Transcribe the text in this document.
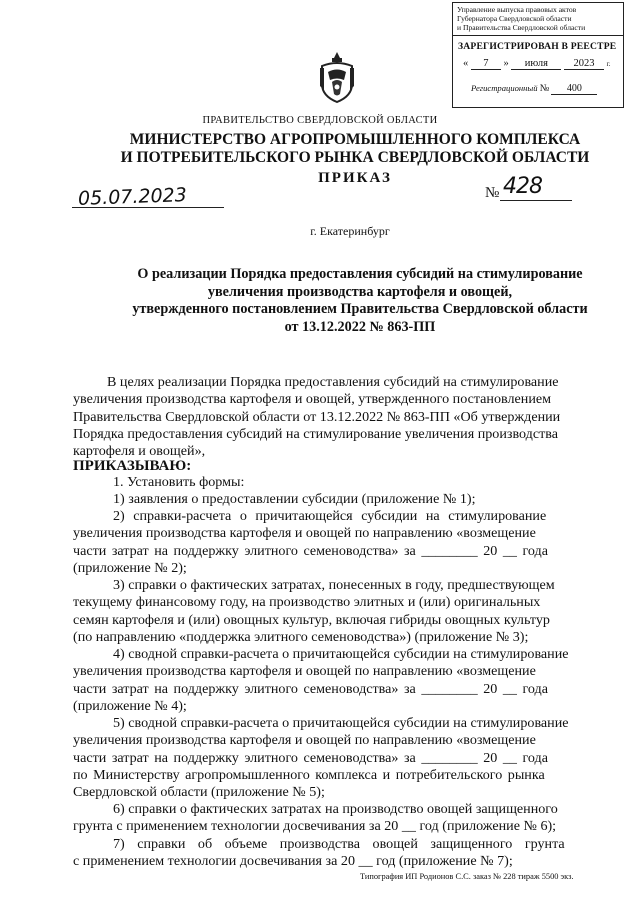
Управление выпуска правовых актов
Губернатора Свердловской области
и Правительства Свердловской области
ЗАРЕГИСТРИРОВАН В РЕЕСТРЕ
« 7 » июля 2023 г.
Регистрационный № 400
ПРАВИТЕЛЬСТВО СВЕРДЛОВСКОЙ ОБЛАСТИ
МИНИСТЕРСТВО АГРОПРОМЫШЛЕННОГО КОМПЛЕКСА
И ПОТРЕБИТЕЛЬСКОГО РЫНКА СВЕРДЛОВСКОЙ ОБЛАСТИ
ПРИКАЗ
05.07.2023	№ 428
г. Екатеринбург
О реализации Порядка предоставления субсидий на стимулирование
увеличения производства картофеля и овощей,
утвержденного постановлением Правительства Свердловской области
от 13.12.2022 № 863-ПП
В целях реализации Порядка предоставления субсидий на стимулирование
увеличения производства картофеля и овощей, утвержденного постановлением
Правительства Свердловской области от 13.12.2022 № 863-ПП «Об утверждении
Порядка предоставления субсидий на стимулирование увеличения производства
картофеля и овощей»,
ПРИКАЗЫВАЮ:
1. Установить формы:
1) заявления о предоставлении субсидии (приложение № 1);
2) справки-расчета о причитающейся субсидии на стимулирование
увеличения производства картофеля и овощей по направлению «возмещение
части затрат на поддержку элитного семеноводства» за ________ 20 __ года
(приложение № 2);
3) справки о фактических затратах, понесенных в году, предшествующем
текущему финансовому году, на производство элитных и (или) оригинальных
семян картофеля и (или) овощных культур, включая гибриды овощных культур
(по направлению «поддержка элитного семеноводства») (приложение № 3);
4) сводной справки-расчета о причитающейся субсидии на стимулирование
увеличения производства картофеля и овощей по направлению «возмещение
части затрат на поддержку элитного семеноводства» за ________ 20 __ года
(приложение № 4);
5) сводной справки-расчета о причитающейся субсидии на стимулирование
увеличения производства картофеля и овощей по направлению «возмещение
части затрат на поддержку элитного семеноводства» за ________ 20 __ года
по Министерству агропромышленного комплекса и потребительского рынка
Свердловской области (приложение № 5);
6) справки о фактических затратах на производство овощей защищенного
грунта с применением технологии досвечивания за 20 __ год (приложение № 6);
7) справки об объеме производства овощей защищенного грунта
с применением технологии досвечивания за 20 __ год (приложение № 7);
Типография ИП Родионов С.С. заказ № 228 тираж 5500 экз.
